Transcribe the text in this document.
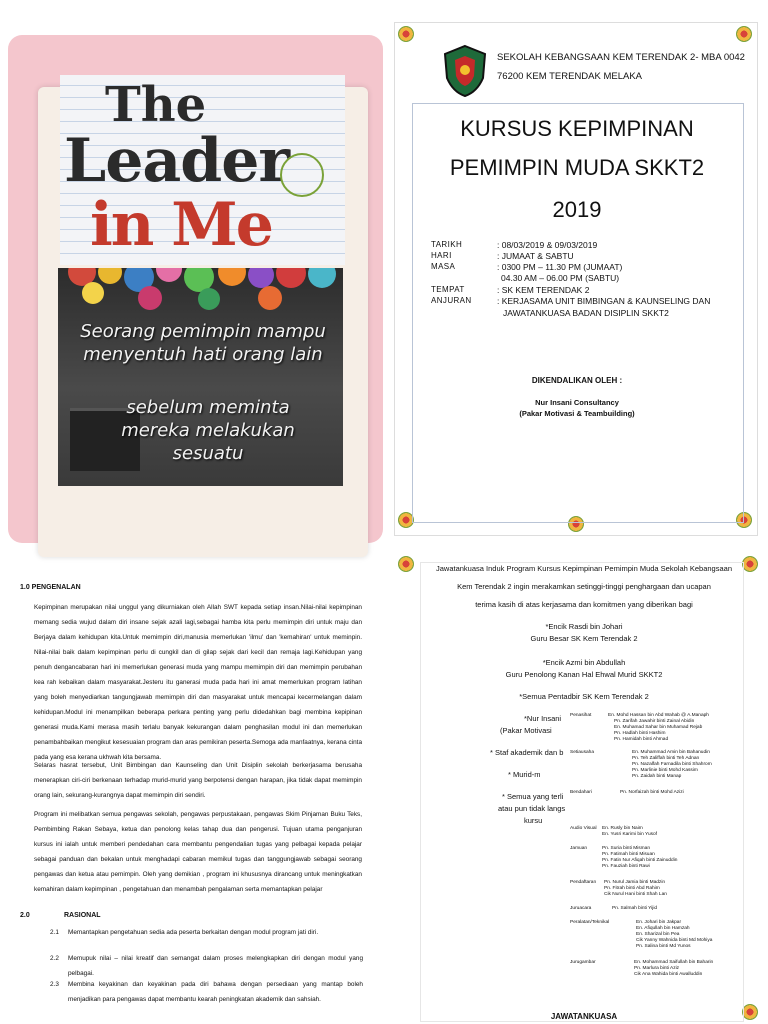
The
Leader
in Me
Seorang pemimpin mampu menyentuh hati orang lain
sebelum meminta mereka melakukan sesuatu
SEKOLAH KEBANGSAAN KEM TERENDAK 2- MBA 0042
76200 KEM TERENDAK MELAKA
KURSUS KEPIMPINAN
PEMIMPIN MUDA SKKT2
2019
TARIKH	: 08/03/2019 & 09/03/2019
HARI	: JUMAAT & SABTU
MASA	: 0300 PM – 11.30 PM (JUMAAT)
04.30 AM – 06.00 PM (SABTU)
TEMPAT	: SK KEM TERENDAK 2
ANJURAN	: KERJASAMA UNIT BIMBINGAN & KAUNSELING DAN
JAWATANKUASA BADAN DISIPLIN SKKT2
DIKENDALIKAN OLEH :
Nur Insani Consultancy
(Pakar Motivasi & Teambuilding)
1.0 PENGENALAN
Kepimpinan merupakan nilai unggul yang dikurniakan oleh Allah SWT kepada setiap insan.Nilai-nilai kepimpinan memang sedia wujud dalam diri insane sejak azali lagi,sebagai hamba kita perlu memimpin diri untuk maju dan Berjaya dalam kehidupan kita.Untuk memimpin diri,manusia memerlukan 'ilmu' dan 'kemahiran' untuk meminpin. Nilai-nilai baik dalam kepimpinan perlu di cungkil dan di gilap sejak dari kecil dan remaja lagi.Kehidupan yang penuh dengancabaran hari ini memerlukan generasi muda yang mampu memimpin diri dan memimpin perubahan kea rah kebaikan dalam masyarakat.Jesteru itu ganerasi muda pada hari ini amat memerlukan program latihan yang boleh menyediarkan tangungjawab memimpin diri dan masyarakat untuk mencapai kecermelangan dalam kehidupan.Modul ini menampilkan beberapa perkara penting yang perlu didedahkan bagi membina kepipinan generasi muda.Kami merasa masih terlalu banyak kekurangan dalam penghasilan modul ini dan memerlukan penambahbaikan mengikut kesesuaian program dan aras pemikiran peserta.Semoga ada manfaatnya, kerana cinta pada yang esa kerana ukhwah kita bersama.
Selaras hasrat tersebut, Unit Bimbingan dan Kaunseling dan Unit Disiplin sekolah berkerjasama berusaha menerapkan ciri-ciri berkenaan terhadap murid-murid yang berpotensi dengan harapan, jika tidak dapat memimpin orang lain, sekurang-kurangnya dapat memimpin diri sendiri.
Program ini melibatkan semua pengawas sekolah, pengawas perpustakaan, pengawas Skim Pinjaman Buku Teks, Pembimbing Rakan Sebaya, ketua dan penolong kelas tahap dua dan pengerusi. Tujuan utama penganjuran kursus ini ialah untuk memberi pendedahan cara membantu pengendalian tugas yang pelbagai kepada pelajar sebagai panduan dan bekalan untuk menghadapi cabaran memikul tugas dan tanggungjawab sebagai seorang pengawas dan ketua atau pemimpin. Oleh yang demikian , program ini khususnya dirancang untuk meningkatkan kemahiran dalam kepimpinan , pengetahuan dan menambah pengalaman serta memantapkan pelajar
2.0	RASIONAL
2.1 Memantapkan pengetahuan sedia ada peserta berkaitan dengan modul program jati diri.
2.2 Memupuk nilai – nilai kreatif dan semangat dalam proses melengkapkan diri dengan modul yang pelbagai.
2.3 Membina keyakinan dan keyakinan pada diri bahawa dengan persediaan yang mantap boleh menjadikan para pengawas dapat membantu kearah peningkatan akademik dan sahsiah.
Jawatankuasa Induk Program Kursus Kepimpinan Pemimpin Muda Sekolah Kebangsaan
Kem Terendak 2 ingin merakamkan setinggi-tinggi penghargaan dan ucapan
terima kasih di atas kerjasama dan komitmen yang diberikan bagi
*Encik Rasdi bin Johari
Guru Besar SK Kem Terendak 2
*Encik Azmi bin Abdullah
Guru Penolong Kanan Hal Ehwal Murid SKKT2
*Semua Pentadbir SK Kem Terendak 2
*Nur Insani
(Pakar Motivasi
* Staf akademik dan b
* Murid-m
* Semua yang terli
atau pun tidak langs
kursu
Penasihat	En. Mohd Hassan bin Abd Wahab @ A.Manaph
Pn. Zarifah Jawahir binti Zainal Abidin
En. Muhamad Sahar bin Muhamad Rejab
Pn. Hadlah binti Hashim
Pn. Hamidah binti Ahmad
Setiausaha	En. Muhammad Amin bin Bahanudin
Pn. Teh Zaliffah binti Teh Adnan
Pn. Nazalfah Farnadila binti Shahrom
Pn. Marlinie binti Mohd Kassim
Pn. Zaidah binti Manap
Bendahari	Pn. Norfaizah binti Mohd Azizi
Jamuan	Pn. Suria binti Misman
Pn. Fatimah binti Misuan
Pn. Fatin Nur Afiqah binti Zainuddin
Pn. Fauziah binti Rawi
Audio Visual En. Rusly bin Naim
En. Yusri Karimi bin Yusof
Pendaftaran Pn. Nurul Jamia binti Madzin
Pn. Fitrah binti Abd Rahim
Cik Nurul Hani binti Shah Lan
Juruacara	Pn. Salmah binti Yijid
Peralatan/Teknikal	En. Johari bin Jakpar
En. Afiqullah bin Hamzah
En. Sharizal bin Pea
Cik Yanny Wahnida binti Md Mohiya
Pn. Salina binti Md Yunos
Jurugambar	En. Mohammad Saifullah bin Baharin
Pn. Marlura binti Aziz
Cik Ana Wahida binti Awalluddin
JAWATANKUASA
